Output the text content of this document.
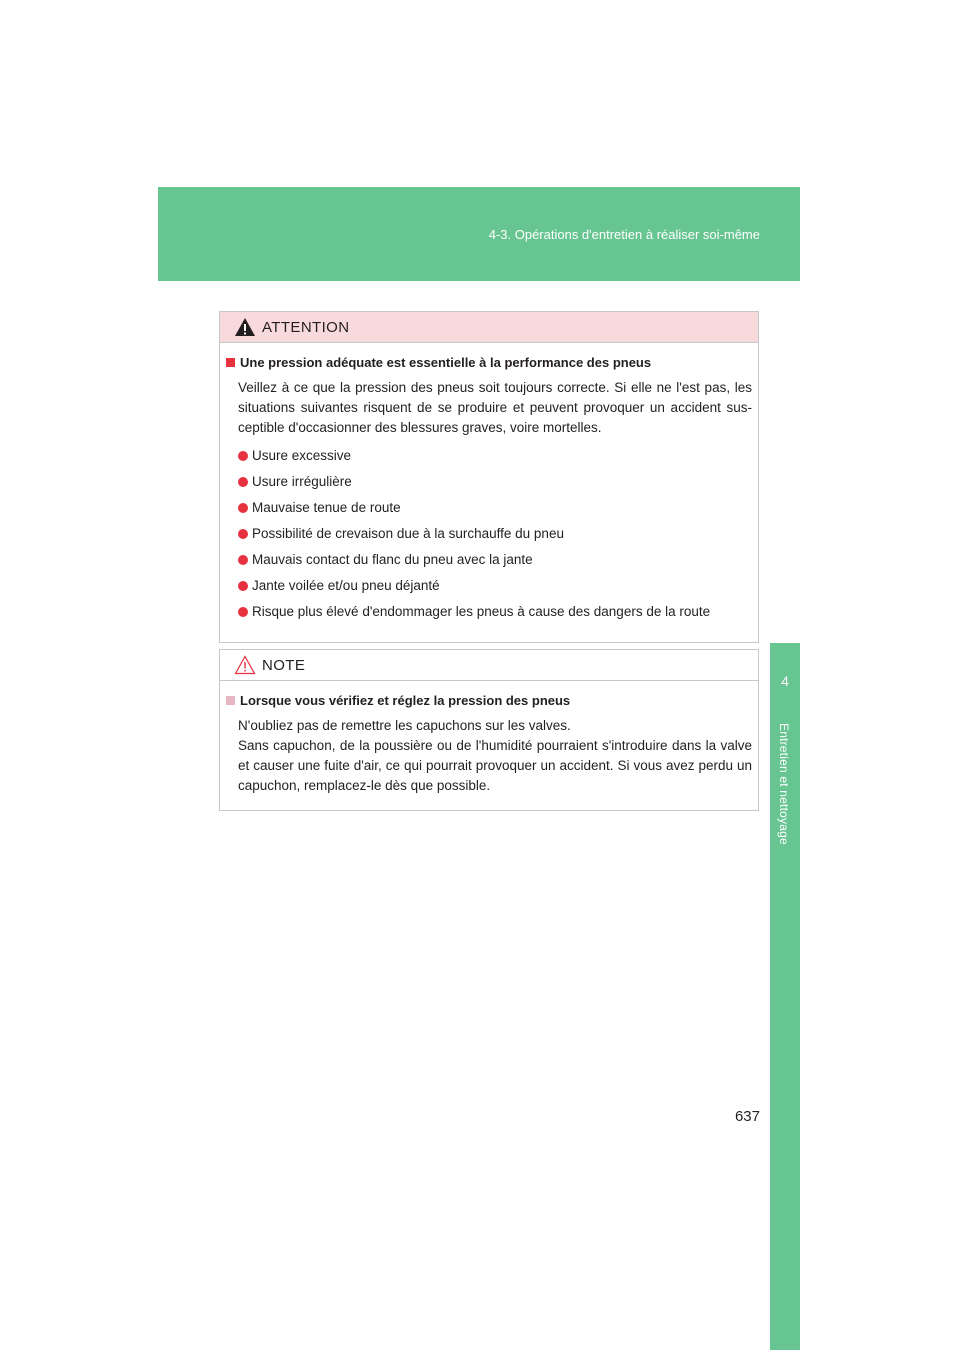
4-3. Opérations d'entretien à réaliser soi-même
4
Entretien et nettoyage
ATTENTION
Une pression adéquate est essentielle à la performance des pneus

Veillez à ce que la pression des pneus soit toujours correcte. Si elle ne l'est pas, les situations suivantes risquent de se produire et peuvent provoquer un accident sus-ceptible d'occasionner des blessures graves, voire mortelles.

Usure excessive
Usure irrégulière
Mauvaise tenue de route
Possibilité de crevaison due à la surchauffe du pneu
Mauvais contact du flanc du pneu avec la jante
Jante voilée et/ou pneu déjanté
Risque plus élevé d'endommager les pneus à cause des dangers de la route
NOTE
Lorsque vous vérifiez et réglez la pression des pneus

N'oubliez pas de remettre les capuchons sur les valves.

Sans capuchon, de la poussière ou de l'humidité pourraient s'introduire dans la valve et causer une fuite d'air, ce qui pourrait provoquer un accident. Si vous avez perdu un capuchon, remplacez-le dès que possible.

637
